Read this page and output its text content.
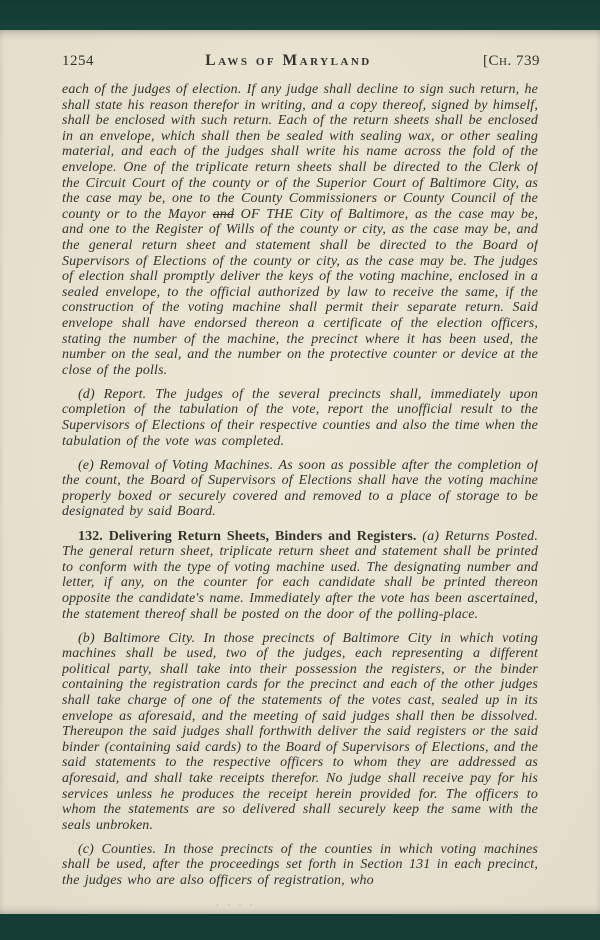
1254	Laws of Maryland	[Ch. 739

each of the judges of election. If any judge shall decline to sign such return, he shall state his reason therefor in writing, and a copy thereof, signed by himself, shall be enclosed with such return. Each of the return sheets shall be enclosed in an envelope, which shall then be sealed with sealing wax, or other sealing material, and each of the judges shall write his name across the fold of the envelope. One of the triplicate return sheets shall be directed to the Clerk of the Circuit Court of the county or of the Superior Court of Baltimore City, as the case may be, one to the County Commissioners or County Council of the county or to the Mayor and OF THE City of Baltimore, as the case may be, and one to the Register of Wills of the county or city, as the case may be, and the general return sheet and statement shall be directed to the Board of Supervisors of Elections of the county or city, as the case may be. The judges of election shall promptly deliver the keys of the voting machine, enclosed in a sealed envelope, to the official authorized by law to receive the same, if the construction of the voting machine shall permit their separate return. Said envelope shall have endorsed thereon a certificate of the election officers, stating the number of the machine, the precinct where it has been used, the number on the seal, and the number on the protective counter or device at the close of the polls.

(d) Report. The judges of the several precincts shall, immediately upon completion of the tabulation of the vote, report the unofficial result to the Supervisors of Elections of their respective counties and also the time when the tabulation of the vote was completed.

(e) Removal of Voting Machines. As soon as possible after the completion of the count, the Board of Supervisors of Elections shall have the voting machine properly boxed or securely covered and removed to a place of storage to be designated by said Board.

132. Delivering Return Sheets, Binders and Registers. (a) Returns Posted. The general return sheet, triplicate return sheet and statement shall be printed to conform with the type of voting machine used. The designating number and letter, if any, on the counter for each candidate shall be printed thereon opposite the candidate's name. Immediately after the vote has been ascertained, the statement thereof shall be posted on the door of the polling-place.

(b) Baltimore City. In those precincts of Baltimore City in which voting machines shall be used, two of the judges, each representing a different political party, shall take into their possession the registers, or the binder containing the registration cards for the precinct and each of the other judges shall take charge of one of the statements of the votes cast, sealed up in its envelope as aforesaid, and the meeting of said judges shall then be dissolved. Thereupon the said judges shall forthwith deliver the said registers or the said binder (containing said cards) to the Board of Supervisors of Elections, and the said statements to the respective officers to whom they are addressed as aforesaid, and shall take receipts therefor. No judge shall receive pay for his services unless he produces the receipt herein provided for. The officers to whom the statements are so delivered shall securely keep the same with the seals unbroken.

(c) Counties. In those precincts of the counties in which voting machines shall be used, after the proceedings set forth in Section 131 in each precinct, the judges who are also officers of registration, who

· · · ·
